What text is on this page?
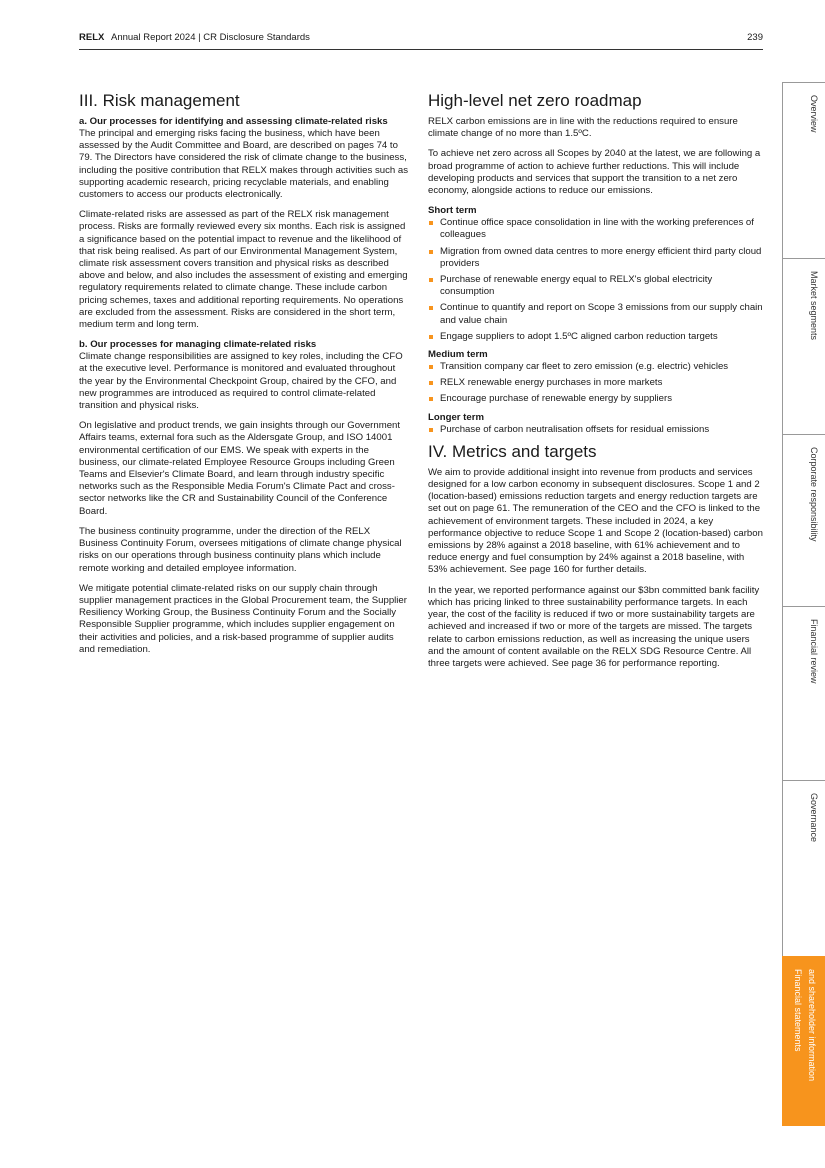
RELX Annual Report 2024 | CR Disclosure Standards	239
III. Risk management
a. Our processes for identifying and assessing climate-related risks

The principal and emerging risks facing the business, which have been assessed by the Audit Committee and Board, are described on pages 74 to 79. The Directors have considered the risk of climate change to the business, including the positive contribution that RELX makes through activities such as supporting academic research, pricing recyclable materials, and enabling customers to access our products electronically.

Climate-related risks are assessed as part of the RELX risk management process. Risks are formally reviewed every six months. Each risk is assigned a significance based on the potential impact to revenue and the likelihood of that risk being realised. As part of our Environmental Management System, climate risk assessment covers transition and physical risks as described above and below, and also includes the assessment of existing and emerging regulatory requirements related to climate change. These include carbon pricing schemes, taxes and additional reporting requirements. No operations are excluded from the assessment. Risks are considered in the short term, medium term and long term.

b. Our processes for managing climate-related risks

Climate change responsibilities are assigned to key roles, including the CFO at the executive level. Performance is monitored and evaluated throughout the year by the Environmental Checkpoint Group, chaired by the CFO, and new programmes are introduced as required to control climate-related transition and physical risks.

On legislative and product trends, we gain insights through our Government Affairs teams, external fora such as the Aldersgate Group, and ISO 14001 environmental certification of our EMS. We speak with experts in the business, our climate-related Employee Resource Groups including Green Teams and Elsevier's Climate Board, and learn through industry specific networks such as the Responsible Media Forum's Climate Pact and cross-sector networks like the CR and Sustainability Council of the Conference Board.

The business continuity programme, under the direction of the RELX Business Continuity Forum, oversees mitigations of climate change physical risks on our operations through business continuity plans which include remote working and detailed employee information.

We mitigate potential climate-related risks on our supply chain through supplier management practices in the Global Procurement team, the Supplier Resiliency Working Group, the Business Continuity Forum and the Socially Responsible Supplier programme, which includes supplier engagement on their activities and policies, and a risk-based programme of supplier audits and remediation.

High-level net zero roadmap

RELX carbon emissions are in line with the reductions required to ensure climate change of no more than 1.5ºC.

To achieve net zero across all Scopes by 2040 at the latest, we are following a broad programme of action to achieve further reductions. This will include developing products and services that support the transition to a net zero economy, alongside actions to reduce our emissions.

Short term
Continue office space consolidation in line with the working preferences of colleagues
Migration from owned data centres to more energy efficient third party cloud providers
Purchase of renewable energy equal to RELX's global electricity consumption
Continue to quantify and report on Scope 3 emissions from our supply chain and value chain
Engage suppliers to adopt 1.5ºC aligned carbon reduction targets
Medium term
Transition company car fleet to zero emission (e.g. electric) vehicles
RELX renewable energy purchases in more markets
Encourage purchase of renewable energy by suppliers
Longer term
Purchase of carbon neutralisation offsets for residual emissions
IV. Metrics and targets

We aim to provide additional insight into revenue from products and services designed for a low carbon economy in subsequent disclosures. Scope 1 and 2 (location-based) emissions reduction targets and energy reduction targets are set out on page 61. The remuneration of the CEO and the CFO is linked to the achievement of environment targets. These included in 2024, a key performance objective to reduce Scope 1 and Scope 2 (location-based) carbon emissions by 28% against a 2018 baseline, with 61% achievement and to reduce energy and fuel consumption by 24% against a 2018 baseline, with 53% achievement. See page 160 for further details.

In the year, we reported performance against our $3bn committed bank facility which has pricing linked to three sustainability performance targets. In each year, the cost of the facility is reduced if two or more sustainability targets are achieved and increased if two or more of the targets are missed. The targets relate to carbon emissions reduction, as well as increasing the unique users and the amount of content available on the RELX SDG Resource Centre. All three targets were achieved. See page 36 for performance reporting.

Overview
Market segments
Corporate responsibility
Financial review
Governance
Financial statements and shareholder information
